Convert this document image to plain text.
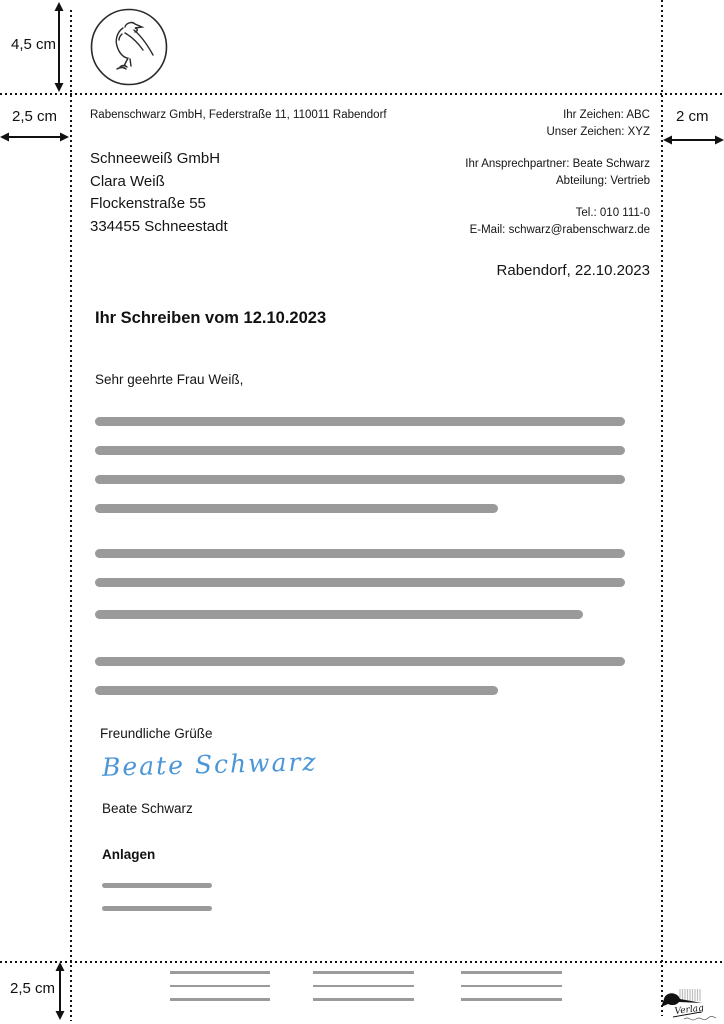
4,5 cm
2,5 cm	2 cm
2,5 cm
Rabenschwarz GmbH, Federstraße 11, 110011 Rabendorf
Schneeweiß GmbH
Clara Weiß
Flockenstraße 55
334455 Schneestadt
Ihr Zeichen: ABC
Unser Zeichen: XYZ
Ihr Ansprechpartner: Beate Schwarz
Abteilung: Vertrieb
Tel.: 010 111-0
E-Mail: schwarz@rabenschwarz.de
Rabendorf, 22.10.2023
Ihr Schreiben vom 12.10.2023
Sehr geehrte Frau Weiß,
Freundliche Grüße
Beate Schwarz
Beate Schwarz
Anlagen
Verlag
